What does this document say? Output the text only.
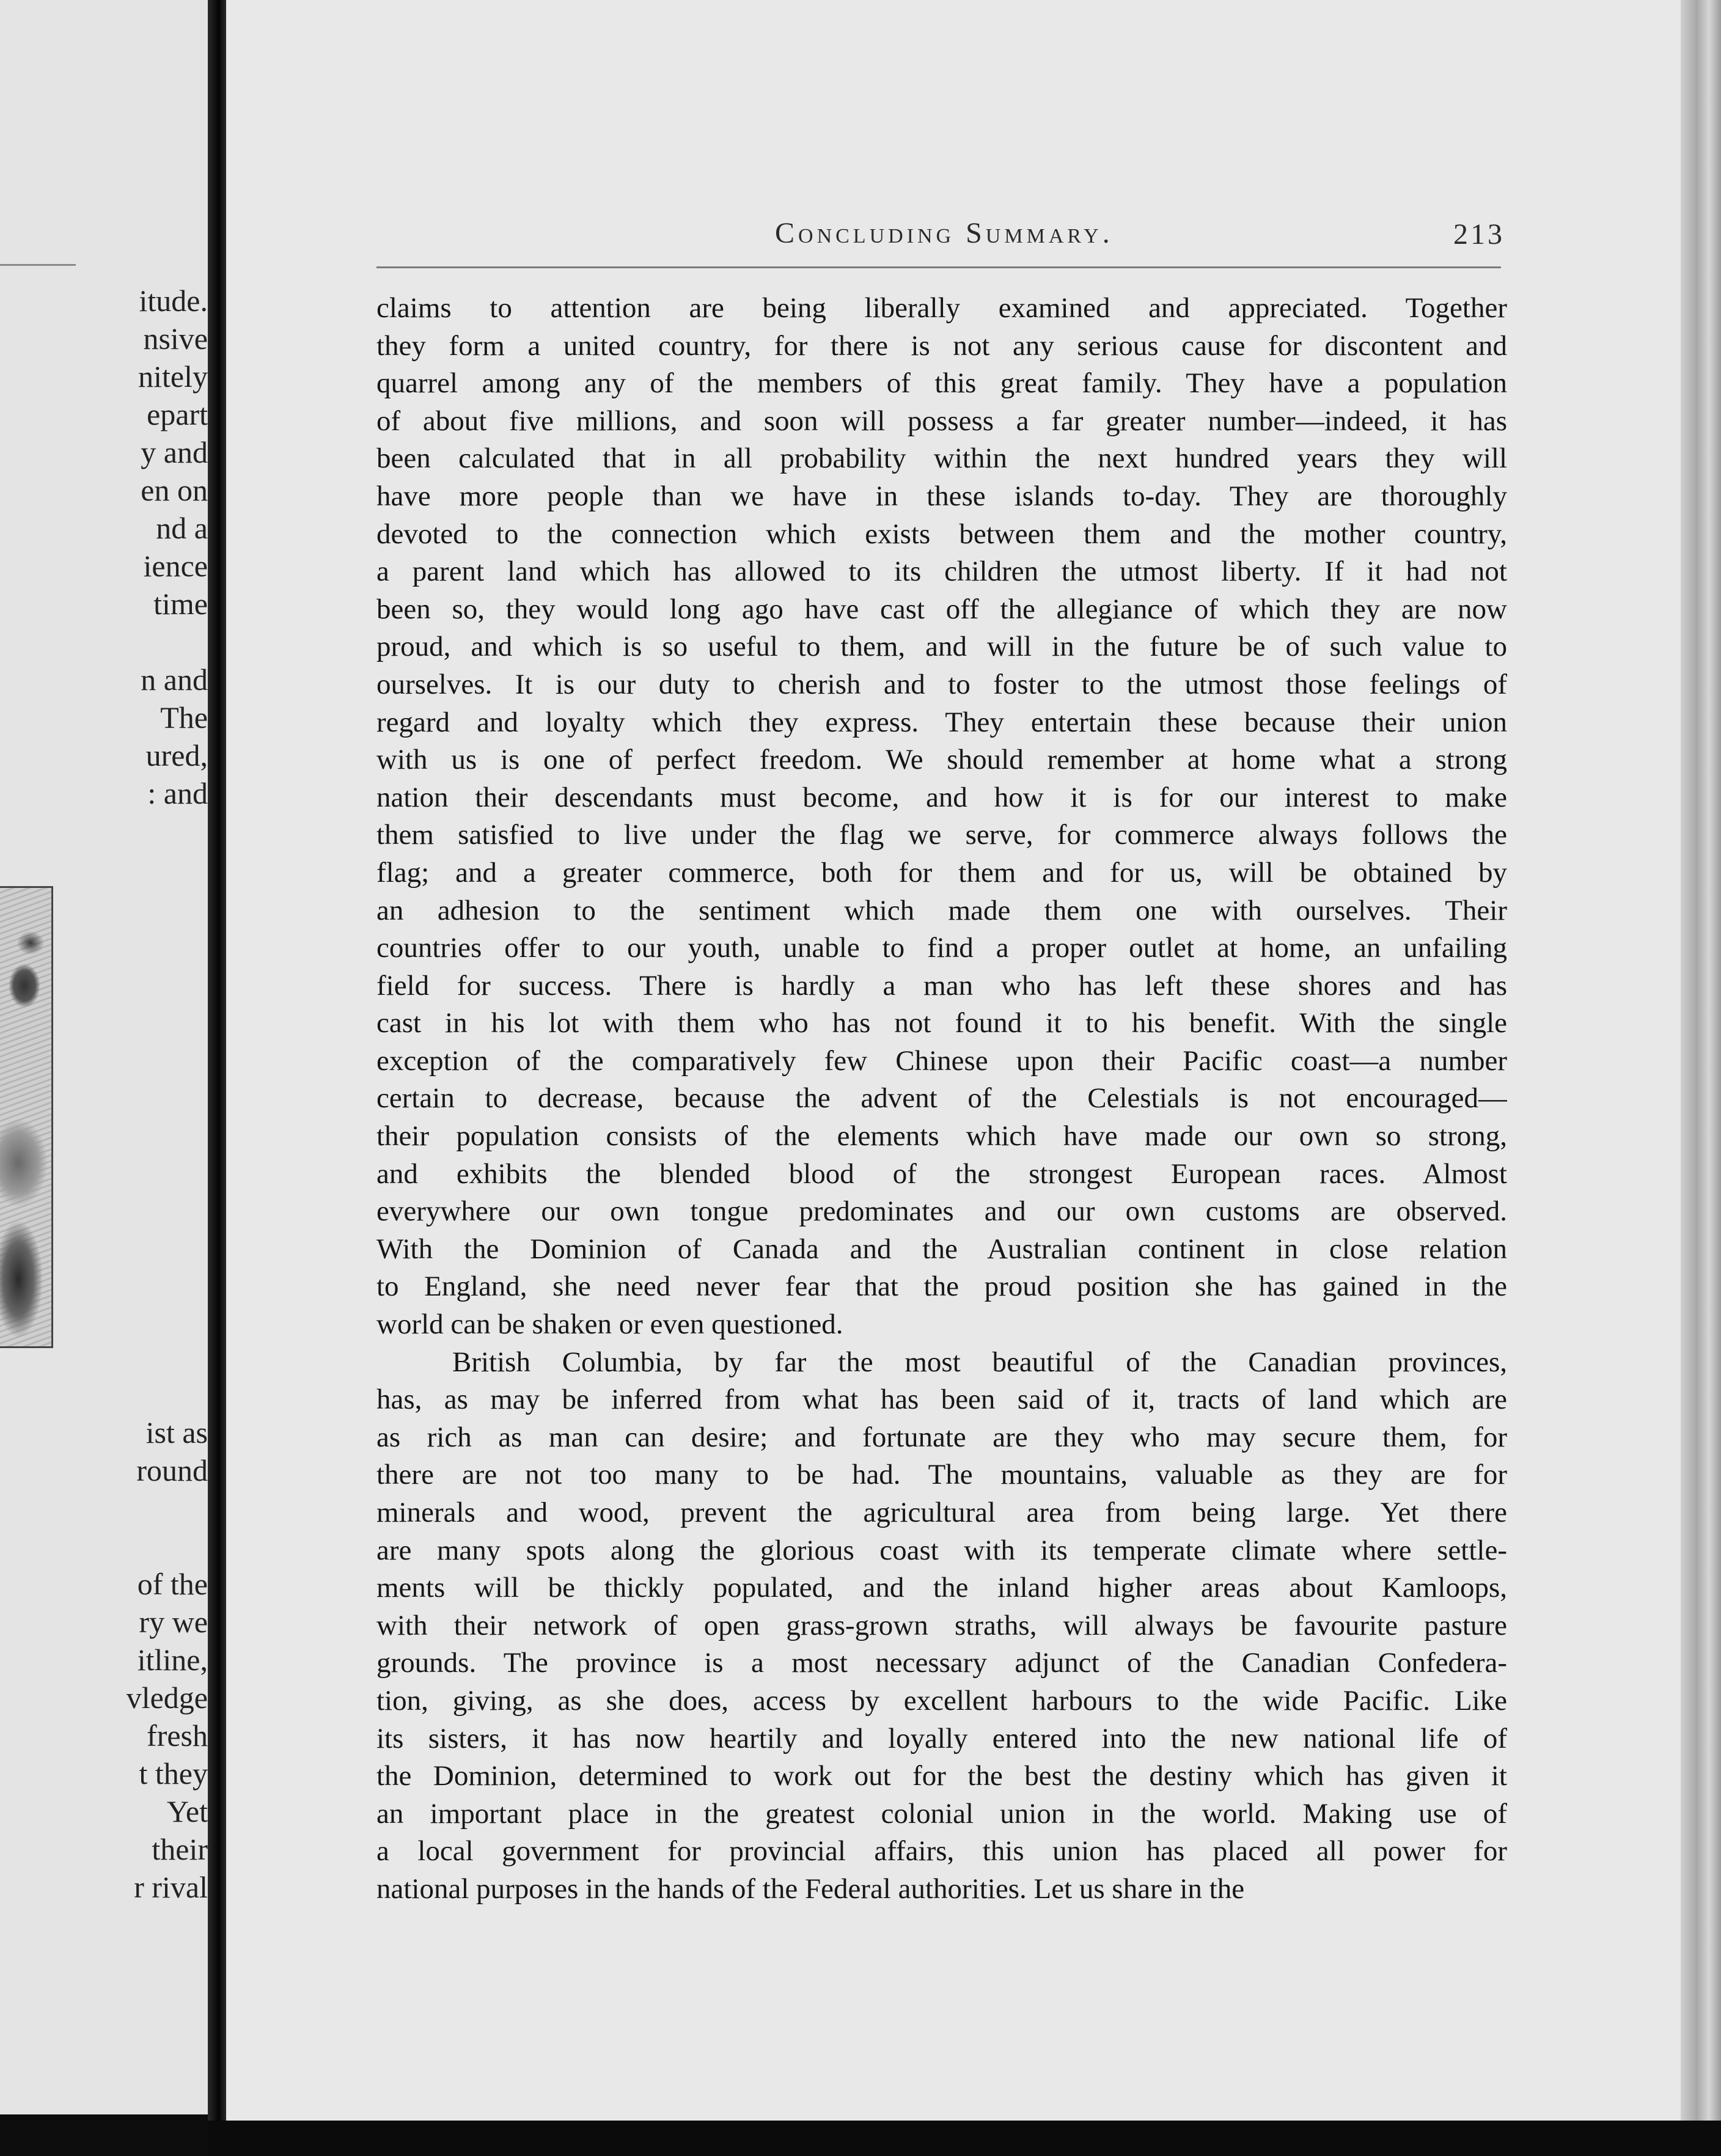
itude.
nsive
nitely
epart
y and
en on
nd a
ience
time
n and
The
ured,
: and
ist as
round
of the
ry we
itline,
vledge
fresh
t they
Yet
their
r rival
Concluding Summary.	213
claims to attention are being liberally examined and appreciated. Together
they form a united country, for there is not any serious cause for discontent and
quarrel among any of the members of this great family. They have a population
of about five millions, and soon will possess a far greater number—indeed, it has
been calculated that in all probability within the next hundred years they will
have more people than we have in these islands to-day. They are thoroughly
devoted to the connection which exists between them and the mother country,
a parent land which has allowed to its children the utmost liberty. If it had not
been so, they would long ago have cast off the allegiance of which they are now
proud, and which is so useful to them, and will in the future be of such value to
ourselves. It is our duty to cherish and to foster to the utmost those feelings of
regard and loyalty which they express. They entertain these because their union
with us is one of perfect freedom. We should remember at home what a strong
nation their descendants must become, and how it is for our interest to make
them satisfied to live under the flag we serve, for commerce always follows the
flag; and a greater commerce, both for them and for us, will be obtained by
an adhesion to the sentiment which made them one with ourselves. Their
countries offer to our youth, unable to find a proper outlet at home, an unfailing
field for success. There is hardly a man who has left these shores and has
cast in his lot with them who has not found it to his benefit. With the single
exception of the comparatively few Chinese upon their Pacific coast—a number
certain to decrease, because the advent of the Celestials is not encouraged—
their population consists of the elements which have made our own so strong,
and exhibits the blended blood of the strongest European races. Almost
everywhere our own tongue predominates and our own customs are observed.
With the Dominion of Canada and the Australian continent in close relation
to England, she need never fear that the proud position she has gained in the
world can be shaken or even questioned.
British Columbia, by far the most beautiful of the Canadian provinces,
has, as may be inferred from what has been said of it, tracts of land which are
as rich as man can desire; and fortunate are they who may secure them, for
there are not too many to be had. The mountains, valuable as they are for
minerals and wood, prevent the agricultural area from being large. Yet there
are many spots along the glorious coast with its temperate climate where settle-
ments will be thickly populated, and the inland higher areas about Kamloops,
with their network of open grass-grown straths, will always be favourite pasture
grounds. The province is a most necessary adjunct of the Canadian Confedera-
tion, giving, as she does, access by excellent harbours to the wide Pacific. Like
its sisters, it has now heartily and loyally entered into the new national life of
the Dominion, determined to work out for the best the destiny which has given it
an important place in the greatest colonial union in the world. Making use of
a local government for provincial affairs, this union has placed all power for
national purposes in the hands of the Federal authorities. Let us share in the
